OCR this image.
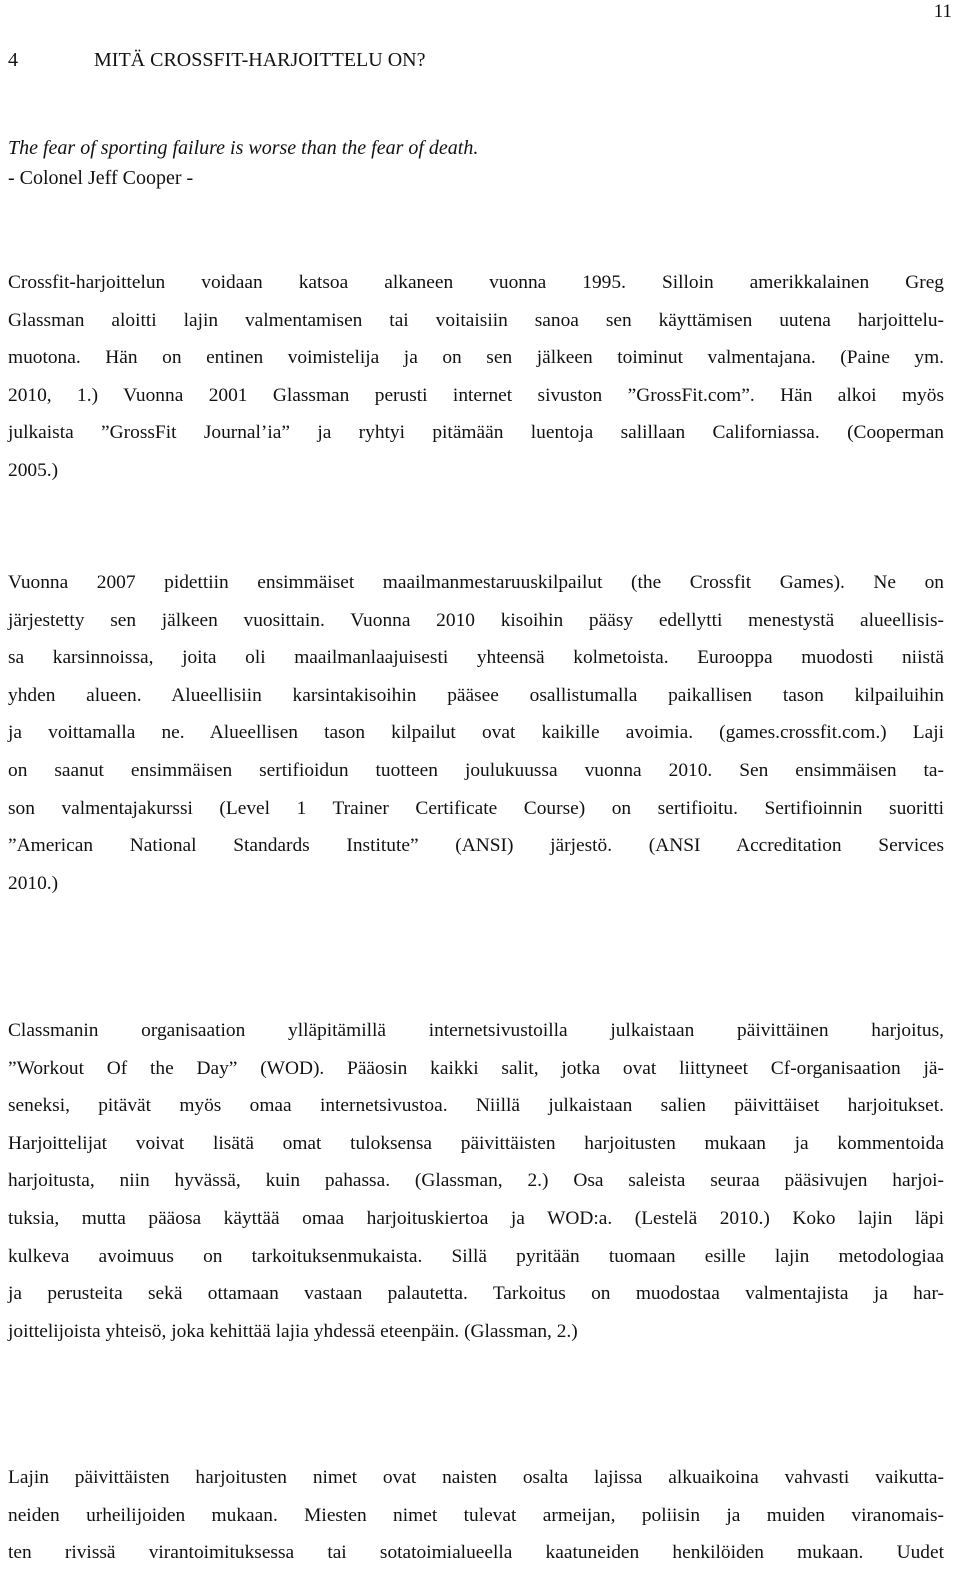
11
4	MITÄ CROSSFIT-HARJOITTELU ON?
The fear of sporting failure is worse than the fear of death.
- Colonel Jeff Cooper -
Crossfit-harjoittelun voidaan katsoa alkaneen vuonna 1995. Silloin amerikkalainen Greg
Glassman aloitti lajin valmentamisen tai voitaisiin sanoa sen käyttämisen uutena harjoittelu-
muotona. Hän on entinen voimistelija ja on sen jälkeen toiminut valmentajana. (Paine ym.
2010, 1.) Vuonna 2001 Glassman perusti internet sivuston ”GrossFit.com”. Hän alkoi myös
julkaista ”GrossFit Journal’ia” ja ryhtyi pitämään luentoja salillaan Californiassa. (Cooperman
2005.)
Vuonna 2007 pidettiin ensimmäiset maailmanmestaruuskilpailut (the Crossfit Games). Ne on
järjestetty sen jälkeen vuosittain. Vuonna 2010 kisoihin pääsy edellytti menestystä alueellisis-
sa karsinnoissa, joita oli maailmanlaajuisesti yhteensä kolmetoista. Eurooppa muodosti niistä
yhden alueen. Alueellisiin karsintakisoihin pääsee osallistumalla paikallisen tason kilpailuihin
ja voittamalla ne. Alueellisen tason kilpailut ovat kaikille avoimia. (games.crossfit.com.) Laji
on saanut ensimmäisen sertifioidun tuotteen joulukuussa vuonna 2010. Sen ensimmäisen ta-
son valmentajakurssi (Level 1 Trainer Certificate Course) on sertifioitu. Sertifioinnin suoritti
”American National Standards Institute” (ANSI) järjestö. (ANSI Accreditation Services
2010.)
Classmanin organisaation ylläpitämillä internetsivustoilla julkaistaan päivittäinen harjoitus,
”Workout Of the Day” (WOD). Pääosin kaikki salit, jotka ovat liittyneet Cf-organisaation jä-
seneksi, pitävät myös omaa internetsivustoa. Niillä julkaistaan salien päivittäiset harjoitukset.
Harjoittelijat voivat lisätä omat tuloksensa päivittäisten harjoitusten mukaan ja kommentoida
harjoitusta, niin hyvässä, kuin pahassa. (Glassman, 2.) Osa saleista seuraa pääsivujen harjoi-
tuksia, mutta pääosa käyttää omaa harjoituskiertoa ja WOD:a. (Lestelä 2010.) Koko lajin läpi
kulkeva avoimuus on tarkoituksenmukaista. Sillä pyritään tuomaan esille lajin metodologiaa
ja perusteita sekä ottamaan vastaan palautetta. Tarkoitus on muodostaa valmentajista ja har-
joittelijoista yhteisö, joka kehittää lajia yhdessä eteenpäin. (Glassman, 2.)
Lajin päivittäisten harjoitusten nimet ovat naisten osalta lajissa alkuaikoina vahvasti vaikutta-
neiden urheilijoiden mukaan. Miesten nimet tulevat armeijan, poliisin ja muiden viranomais-
ten rivissä virantoimituksessa tai sotatoimialueella kaatuneiden henkilöiden mukaan. Uudet
